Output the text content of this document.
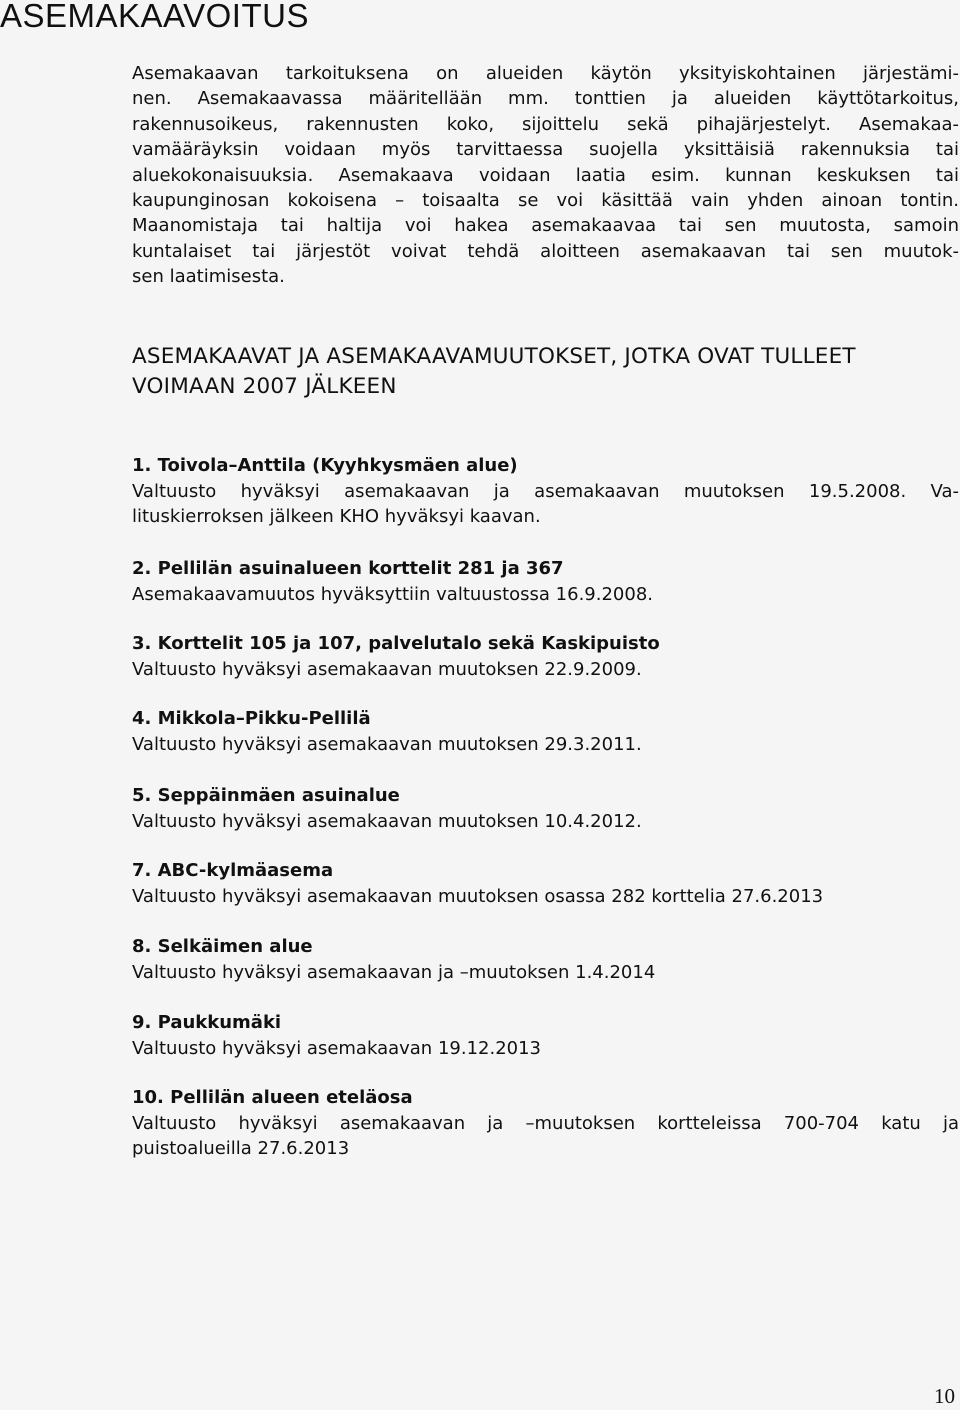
ASEMAKAAVOITUS
Asemakaavan tarkoituksena on alueiden käytön yksityiskohtainen järjestämi-
nen. Asemakaavassa määritellään mm. tonttien ja alueiden käyttötarkoitus,
rakennusoikeus, rakennusten koko, sijoittelu sekä pihajärjestelyt. Asemakaa-
vamääräyksin voidaan myös tarvittaessa suojella yksittäisiä rakennuksia tai
aluekokonaisuuksia. Asemakaava voidaan laatia esim. kunnan keskuksen tai
kaupunginosan kokoisena – toisaalta se voi käsittää vain yhden ainoan tontin.
Maanomistaja tai haltija voi hakea asemakaavaa tai sen muutosta, samoin
kuntalaiset tai järjestöt voivat tehdä aloitteen asemakaavan tai sen muutok-
sen laatimisesta.
ASEMAKAAVAT JA ASEMAKAAVAMUUTOKSET, JOTKA OVAT TULLEET
VOIMAAN 2007 JÄLKEEN
1. Toivola–Anttila (Kyyhkysmäen alue)
Valtuusto hyväksyi asemakaavan ja asemakaavan muutoksen 19.5.2008. Va-
lituskierroksen jälkeen KHO hyväksyi kaavan.
2. Pellilän asuinalueen korttelit 281 ja 367
Asemakaavamuutos hyväksyttiin valtuustossa 16.9.2008.
3. Korttelit 105 ja 107, palvelutalo sekä Kaskipuisto
Valtuusto hyväksyi asemakaavan muutoksen 22.9.2009.
4. Mikkola–Pikku-Pellilä
Valtuusto hyväksyi asemakaavan muutoksen 29.3.2011.
5. Seppäinmäen asuinalue
Valtuusto hyväksyi asemakaavan muutoksen 10.4.2012.
7. ABC-kylmäasema
Valtuusto hyväksyi asemakaavan muutoksen osassa 282 korttelia 27.6.2013
8. Selkäimen alue
Valtuusto hyväksyi asemakaavan ja –muutoksen 1.4.2014
9. Paukkumäki
Valtuusto hyväksyi asemakaavan 19.12.2013
10. Pellilän alueen eteläosa
Valtuusto hyväksyi asemakaavan ja –muutoksen kortteleissa 700-704 katu ja
puistoalueilla 27.6.2013
10
